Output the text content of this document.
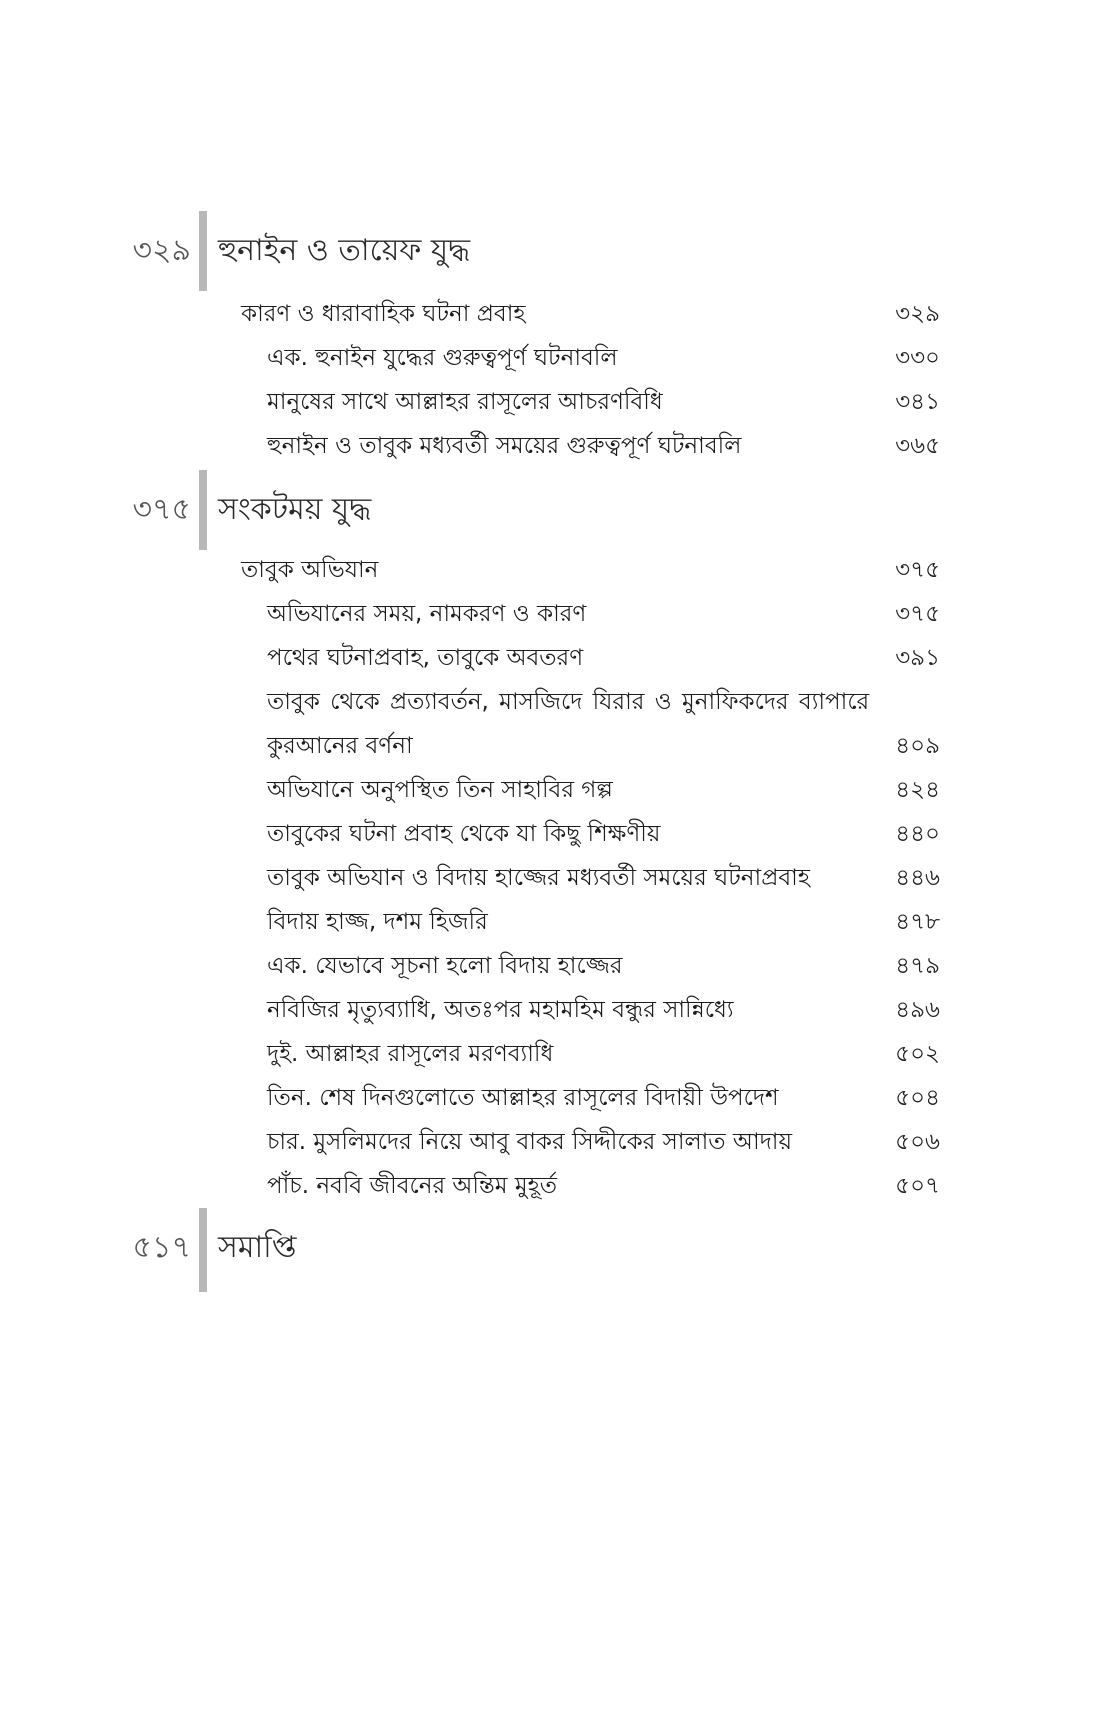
৩২৯ হুনাইন ও তায়েফ যুদ্ধ
কারণ ও ধারাবাহিক ঘটনা প্রবাহ	৩২৯
এক. হুনাইন যুদ্ধের গুরুত্বপূর্ণ ঘটনাবলি	৩৩০
মানুষের সাথে আল্লাহর রাসূলের আচরণবিধি	৩৪১
হুনাইন ও তাবুক মধ্যবর্তী সময়ের গুরুত্বপূর্ণ ঘটনাবলি	৩৬৫
৩৭৫ সংকটময় যুদ্ধ
তাবুক অভিযান	৩৭৫
অভিযানের সময়, নামকরণ ও কারণ	৩৭৫
পথের ঘটনাপ্রবাহ, তাবুকে অবতরণ	৩৯১
তাবুক থেকে প্রত্যাবর্তন, মাসজিদে যিরার ও মুনাফিকদের ব্যাপারে
কুরআনের বর্ণনা	৪০৯
অভিযানে অনুপস্থিত তিন সাহাবির গল্প	৪২৪
তাবুকের ঘটনা প্রবাহ থেকে যা কিছু শিক্ষণীয়	৪৪০
তাবুক অভিযান ও বিদায় হাজ্জের মধ্যবর্তী সময়ের ঘটনাপ্রবাহ	৪৪৬
বিদায় হাজ্জ, দশম হিজরি	৪৭৮
এক. যেভাবে সূচনা হলো বিদায় হাজ্জের	৪৭৯
নবিজির মৃত্যুব্যাধি, অতঃপর মহামহিম বন্ধুর সান্নিধ্যে	৪৯৬
দুই. আল্লাহর রাসূলের মরণব্যাধি	৫০২
তিন. শেষ দিনগুলোতে আল্লাহর রাসূলের বিদায়ী উপদেশ	৫০৪
চার. মুসলিমদের নিয়ে আবু বাকর সিদ্দীকের সালাত আদায়	৫০৬
পাঁচ. নববি জীবনের অন্তিম মুহূর্ত	৫০৭
৫১৭ সমাপ্তি
